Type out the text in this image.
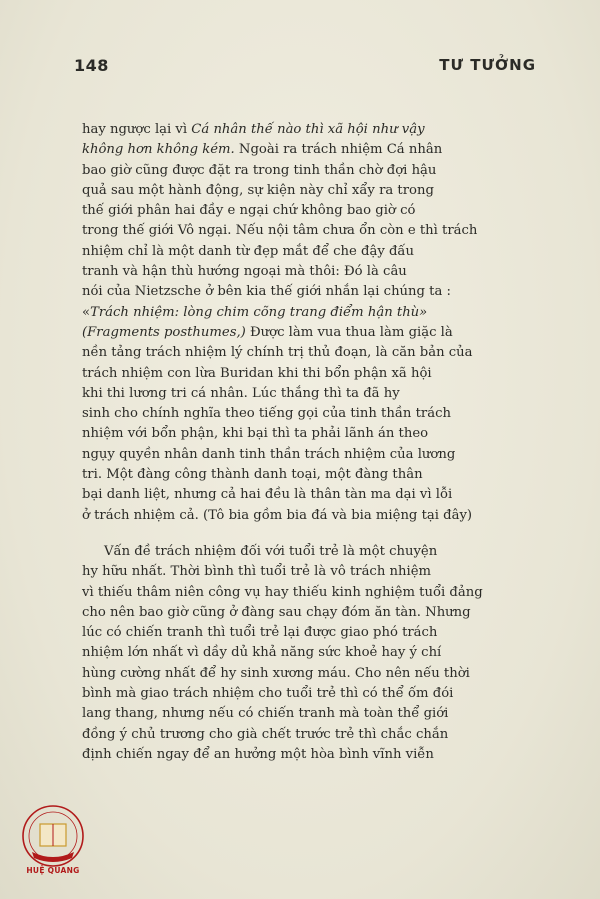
148	TƯ TƯỞNG
hay ngược lại vì Cá nhân thế nào thì xã hội như vậy
không hơn không kém. Ngoài ra trách nhiệm Cá nhân
bao giờ cũng được đặt ra trong tinh thần chờ đợi hậu
quả sau một hành động, sự kiện này chỉ xẩy ra trong
thế giới phân hai đầy e ngại chứ không bao giờ có
trong thế giới Vô ngại. Nếu nội tâm chưa ổn còn e thì trách
nhiệm chỉ là một danh từ đẹp mắt để che đậy đấu
tranh và hận thù hướng ngoại mà thôi: Đó là câu
nói của Nietzsche ở bên kia thế giới nhắn lại chúng ta :
«Trách nhiệm: lòng chim cõng trang điểm hận thù»
(Fragments posthumes,) Được làm vua thua làm giặc là
nền tảng trách nhiệm lý chính trị thủ đoạn, là căn bản của
trách nhiệm con lừa Buridan khi thi bổn phận xã hội
khi thi lương tri cá nhân. Lúc thắng thì ta đã hy
sinh cho chính nghĩa theo tiếng gọi của tinh thần trách
nhiệm với bổn phận, khi bại thì ta phải lãnh án theo
ngụy quyền nhân danh tinh thần trách nhiệm của lương
tri. Một đàng công thành danh toại, một đàng thân
bại danh liệt, nhưng cả hai đều là thân tàn ma dại vì lỗi
ở trách nhiệm cả. (Tô bia gồm bia đá và bia miệng tại đây)
Vấn đề trách nhiệm đối với tuổi trẻ là một chuyện
hy hữu nhất. Thời bình thì tuổi trẻ là vô trách nhiệm
vì thiếu thâm niên công vụ hay thiếu kinh nghiệm tuổi đảng
cho nên bao giờ cũng ở đàng sau chạy đóm ăn tàn. Nhưng
lúc có chiến tranh thì tuổi trẻ lại được giao phó trách
nhiệm lớn nhất vì dầy dủ khả năng sức khoẻ hay ý chí
hùng cường nhất để hy sinh xương máu. Cho nên nếu thời
bình mà giao trách nhiệm cho tuổi trẻ thì có thể ốm đói
lang thang, nhưng nếu có chiến tranh mà toàn thể giới
đồng ý chủ trương cho già chết trước trẻ thì chắc chắn
định chiến ngay để an hưởng một hòa bình vĩnh viễn
HUỆ QUANG
